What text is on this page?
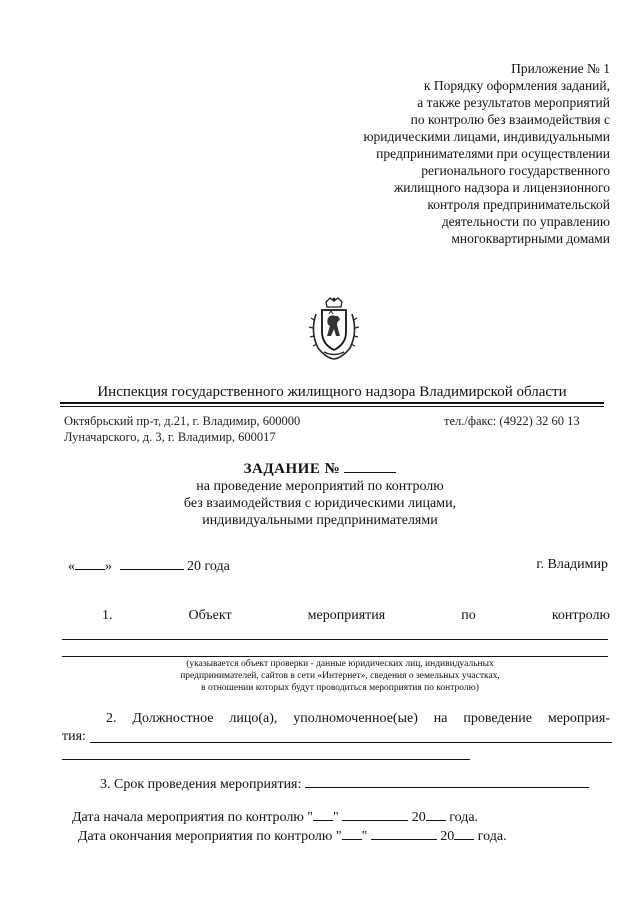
Приложение № 1
к Порядку оформления заданий,
а также результатов мероприятий
по контролю без взаимодействия с
юридическими лицами, индивидуальными
предпринимателями при осуществлении
регионального государственного
жилищного надзора и лицензионного
контроля предпринимательской
деятельности по управлению
многоквартирными домами
Инспекция государственного жилищного надзора Владимирской области
Октябрьский пр-т, д.21, г. Владимир, 600000
Луначарского, д. 3, г. Владимир, 600017
тел./факс: (4922) 32 60 13
ЗАДАНИЕ №
на проведение мероприятий по контролю
без взаимодействия с юридическими лицами,
индивидуальными предпринимателями
« »	20 года	г. Владимир
1.	Объект	мероприятия	по	контролю
(указывается объект проверки - данные юридических лиц, индивидуальных
предпринимателей, сайтов в сети «Интернет», сведения о земельных участках,
в отношении которых будут проводиться мероприятия по контролю)
2. Должностное лицо(а), уполномоченное(ые) на проведение мероприя-
тия:
3. Срок проведения мероприятия:
Дата начала мероприятия по контролю " "	20 года.
Дата окончания мероприятия по контролю " "	20 года.
